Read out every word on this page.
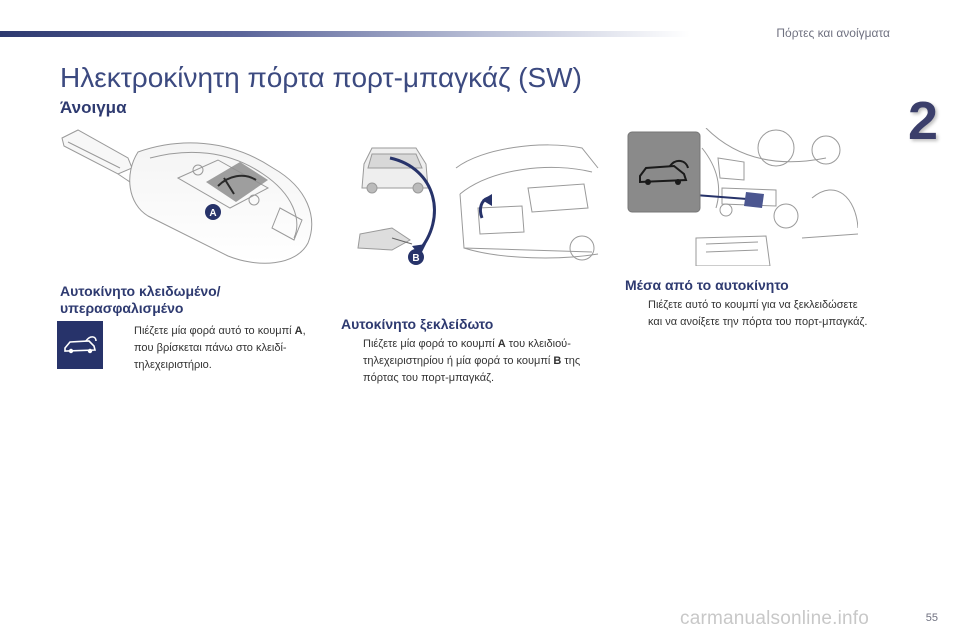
Πόρτες και ανοίγματα
2
Ηλεκτροκίνητη πόρτα πορτ-μπαγκάζ (SW)
Άνοιγμα
A
B
Αυτοκίνητο κλειδωμένο/
υπερασφαλισμένο
Πιέζετε μία φορά αυτό το κουμπί A, που βρίσκεται πάνω στο κλειδί-τηλεχειριστήριο.
Αυτοκίνητο ξεκλείδωτο
Πιέζετε μία φορά το κουμπί A του κλειδιού-τηλεχειριστηρίου ή μία φορά το κουμπί B της πόρτας του πορτ-μπαγκάζ.
Μέσα από το αυτοκίνητο
Πιέζετε αυτό το κουμπί για να ξεκλειδώσετε και να ανοίξετε την πόρτα του πορτ-μπαγκάζ.
carmanualsonline.info	55
